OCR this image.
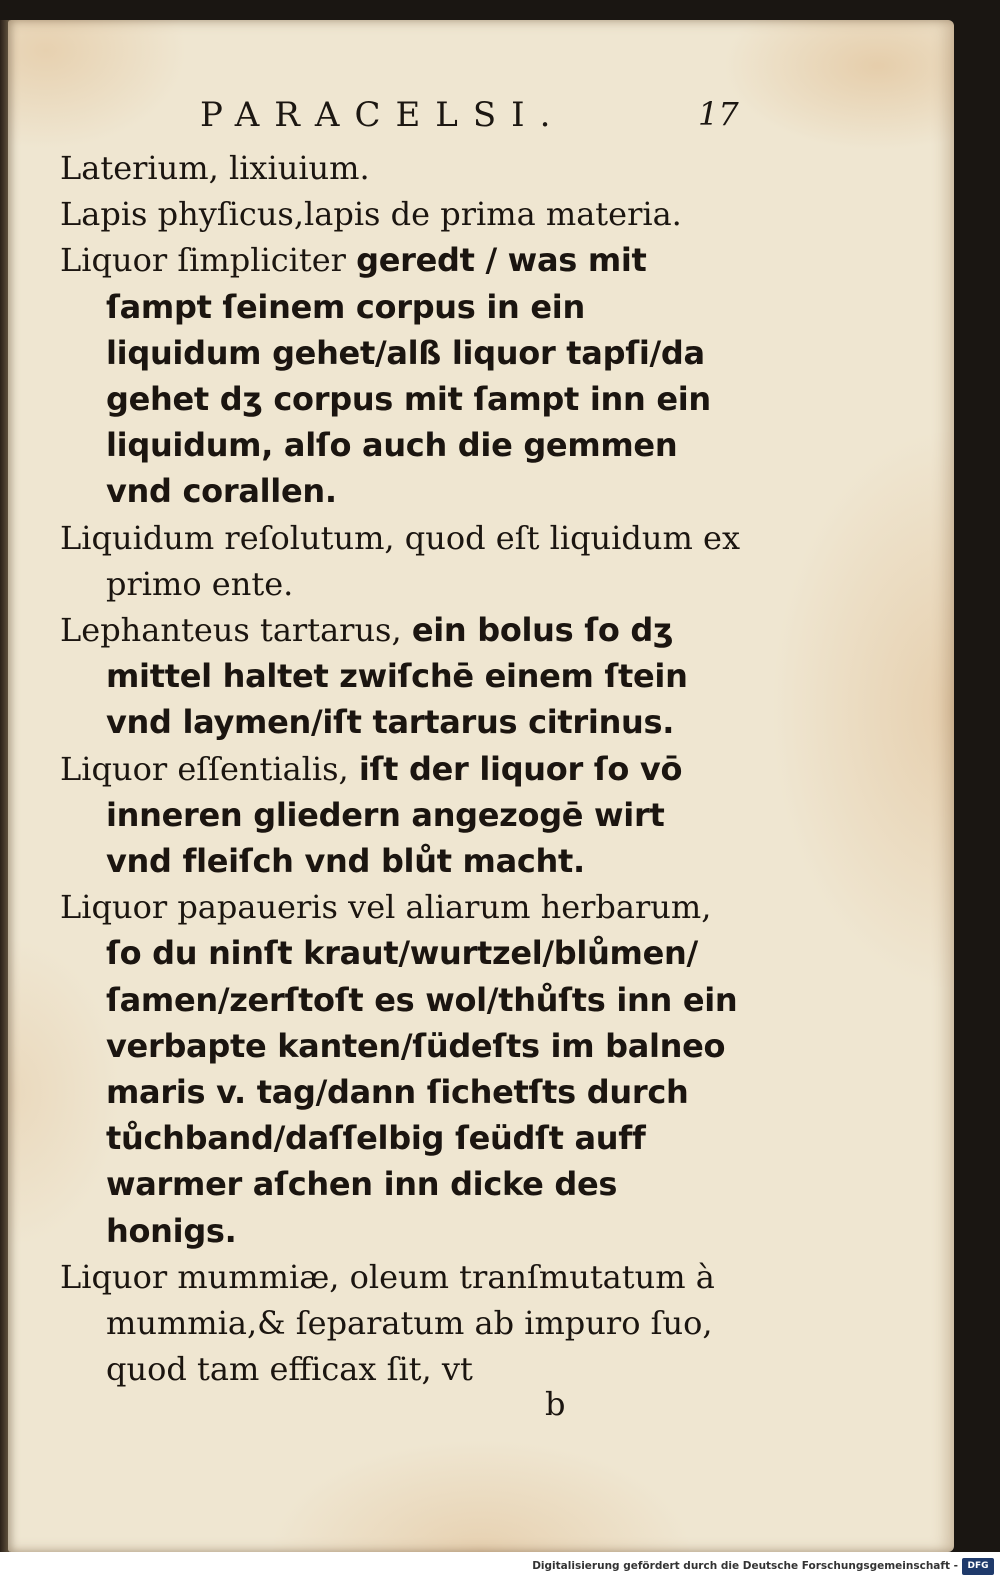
PARACELSI.	17

Laterium, lixiuium.

Lapis phyſicus,lapis de prima materia.

Liquor ſimpliciter geredt / was mit ſampt ſeinem corpus in ein liquidum gehet/alß liquor tapſi/da gehet dʒ corpus mit ſampt inn ein liquidum, alſo auch die gemmen vnd corallen.

Liquidum reſolutum, quod eſt liquidum ex primo ente.

Lephanteus tartarus, ein bolus ſo dʒ mittel haltet zwiſchē einem ſtein vnd laymen/iſt tartarus citrinus.

Liquor eſſentialis, iſt der liquor ſo vō inneren gliedern angezogē wirt vnd fleiſch vnd blůt macht.

Liquor papaueris vel aliarum herbarum, ſo du ninſt kraut/wurtzel/blůmen/ſamen/zerſtoſt es wol/thůſts inn ein verbapte kanten/ſüdeſts im balneo maris v. tag/dann ſichetſts durch tůchband/daſſelbig ſeüdſt auff warmer aſchen inn dicke des honigs.

Liquor mummiæ, oleum tranſmutatum à mummia,& ſeparatum ab impuro ſuo, quod tam efficax ſit, vt

b
Digitalisierung gefördert durch die Deutsche Forschungsgemeinschaft -	DFG
